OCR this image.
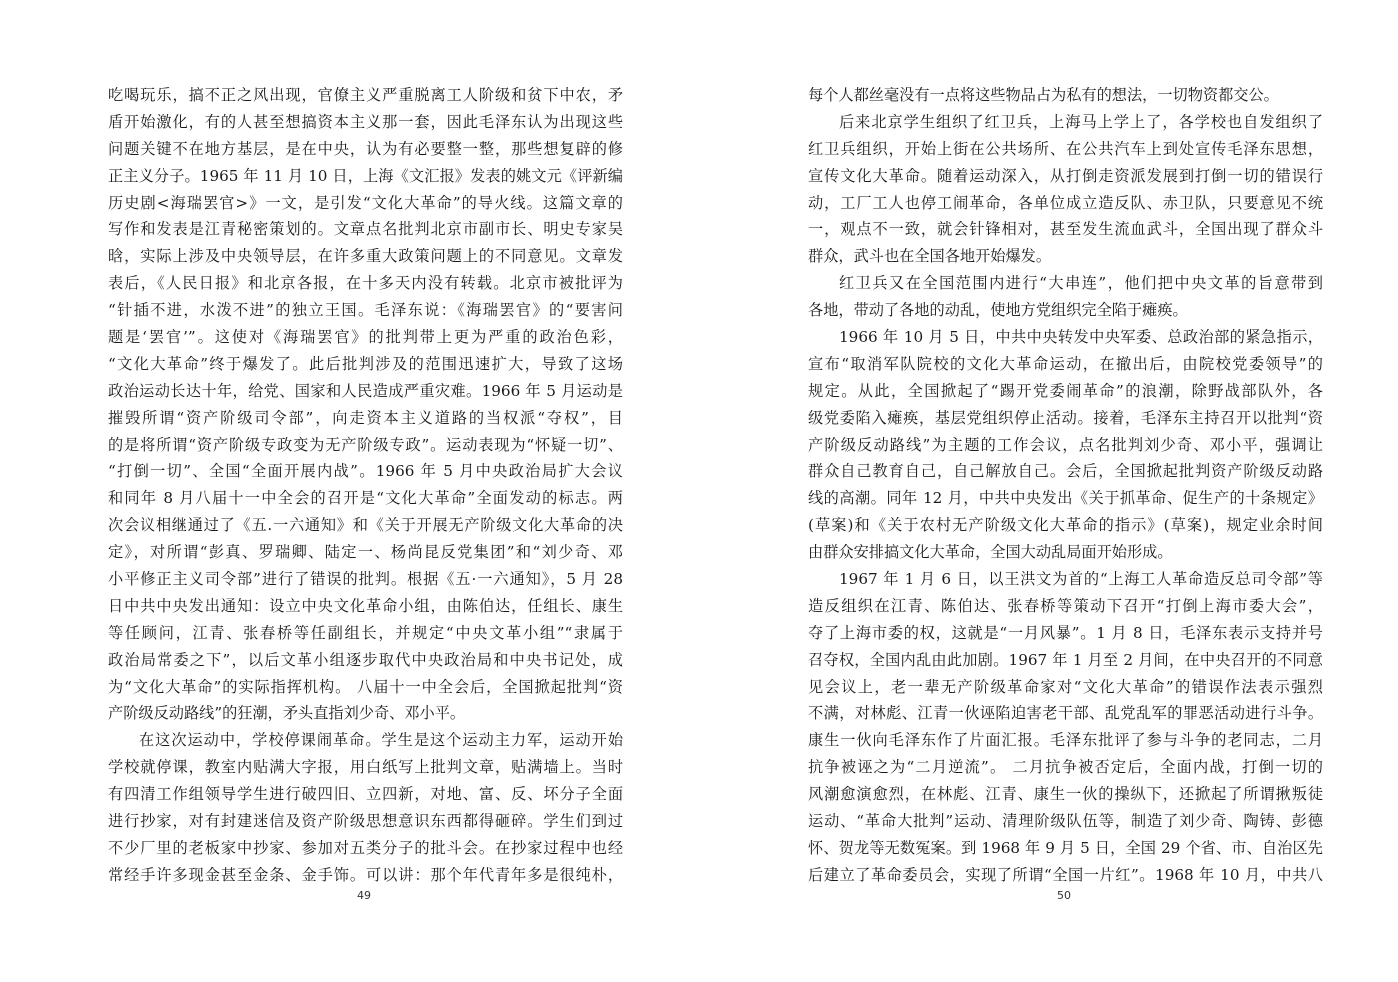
吃喝玩乐，搞不正之风出现，官僚主义严重脱离工人阶级和贫下中农，矛
盾开始激化，有的人甚至想搞资本主义那一套，因此毛泽东认为出现这些
问题关键不在地方基层，是在中央，认为有必要整一整，那些想复辟的修
正主义分子。1965 年 11 月 10 日，上海《文汇报》发表的姚文元《评新编
历史剧<海瑞罢官>》一文，是引发“文化大革命”的导火线。这篇文章的
写作和发表是江青秘密策划的。文章点名批判北京市副市长、明史专家吴
晗，实际上涉及中央领导层，在许多重大政策问题上的不同意见。文章发
表后，《人民日报》和北京各报，在十多天内没有转载。北京市被批评为
“针插不进，水泼不进”的独立王国。毛泽东说：《海瑞罢官》的“要害问
题是‘罢官’”。这使对《海瑞罢官》的批判带上更为严重的政治色彩，
“文化大革命”终于爆发了。此后批判涉及的范围迅速扩大，导致了这场
政治运动长达十年，给党、国家和人民造成严重灾难。1966 年 5 月运动是
摧毁所谓“资产阶级司令部”，向走资本主义道路的当权派“夺权”，目
的是将所谓“资产阶级专政变为无产阶级专政”。运动表现为“怀疑一切”、
“打倒一切”、全国“全面开展内战”。1966 年 5 月中央政治局扩大会议
和同年 8 月八届十一中全会的召开是“文化大革命”全面发动的标志。两
次会议相继通过了《五.一六通知》和《关于开展无产阶级文化大革命的决
定》，对所谓“彭真、罗瑞卿、陆定一、杨尚昆反党集团”和“刘少奇、邓
小平修正主义司令部”进行了错误的批判。根据《五·一六通知》，5 月 28
日中共中央发出通知：设立中央文化革命小组，由陈伯达，任组长、康生
等任顾问，江青、张春桥等任副组长，并规定“中央文革小组”“隶属于
政治局常委之下”，以后文革小组逐步取代中央政治局和中央书记处，成
为“文化大革命”的实际指挥机构。 八届十一中全会后，全国掀起批判“资
产阶级反动路线”的狂潮，矛头直指刘少奇、邓小平。
在这次运动中，学校停课闹革命。学生是这个运动主力军，运动开始
学校就停课，教室内贴满大字报，用白纸写上批判文章，贴满墙上。当时
有四清工作组领导学生进行破四旧、立四新，对地、富、反、坏分子全面
进行抄家，对有封建迷信及资产阶级思想意识东西都得砸碎。学生们到过
不少厂里的老板家中抄家、参加对五类分子的批斗会。在抄家过程中也经
常经手许多现金甚至金条、金手饰。可以讲：那个年代青年多是很纯朴，
49
每个人都丝毫没有一点将这些物品占为私有的想法，一切物资都交公。
后来北京学生组织了红卫兵，上海马上学上了，各学校也自发组织了
红卫兵组织，开始上街在公共场所、在公共汽车上到处宣传毛泽东思想，
宣传文化大革命。随着运动深入，从打倒走资派发展到打倒一切的错误行
动，工厂工人也停工闹革命，各单位成立造反队、赤卫队，只要意见不统
一，观点不一致，就会针锋相对，甚至发生流血武斗，全国出现了群众斗
群众，武斗也在全国各地开始爆发。
红卫兵又在全国范围内进行“大串连”，他们把中央文革的旨意带到
各地，带动了各地的动乱，使地方党组织完全陷于瘫痪。
1966 年 10 月 5 日，中共中央转发中央军委、总政治部的紧急指示，
宣布“取消军队院校的文化大革命运动，在撤出后，由院校党委领导”的
规定。从此，全国掀起了“踢开党委闹革命”的浪潮，除野战部队外，各
级党委陷入瘫痪，基层党组织停止活动。接着，毛泽东主持召开以批判“资
产阶级反动路线”为主题的工作会议，点名批判刘少奇、邓小平，强调让
群众自己教育自己，自己解放自己。会后，全国掀起批判资产阶级反动路
线的高潮。同年 12 月，中共中央发出《关于抓革命、促生产的十条规定》
(草案)和《关于农村无产阶级文化大革命的指示》(草案)，规定业余时间
由群众安排搞文化大革命，全国大动乱局面开始形成。
1967 年 1 月 6 日，以王洪文为首的“上海工人革命造反总司令部”等
造反组织在江青、陈伯达、张春桥等策动下召开“打倒上海市委大会”，
夺了上海市委的权，这就是“一月风暴”。1 月 8 日，毛泽东表示支持并号
召夺权，全国内乱由此加剧。1967 年 1 月至 2 月间，在中央召开的不同意
见会议上，老一辈无产阶级革命家对“文化大革命”的错误作法表示强烈
不满，对林彪、江青一伙诬陷迫害老干部、乱党乱军的罪恶活动进行斗争。
康生一伙向毛泽东作了片面汇报。毛泽东批评了参与斗争的老同志，二月
抗争被诬之为“二月逆流”。 二月抗争被否定后，全面内战，打倒一切的
风潮愈演愈烈，在林彪、江青、康生一伙的操纵下，还掀起了所谓揪叛徒
运动、“革命大批判”运动、清理阶级队伍等，制造了刘少奇、陶铸、彭德
怀、贺龙等无数冤案。到 1968 年 9 月 5 日，全国 29 个省、市、自治区先
后建立了革命委员会，实现了所谓“全国一片红”。1968 年 10 月，中共八
50
